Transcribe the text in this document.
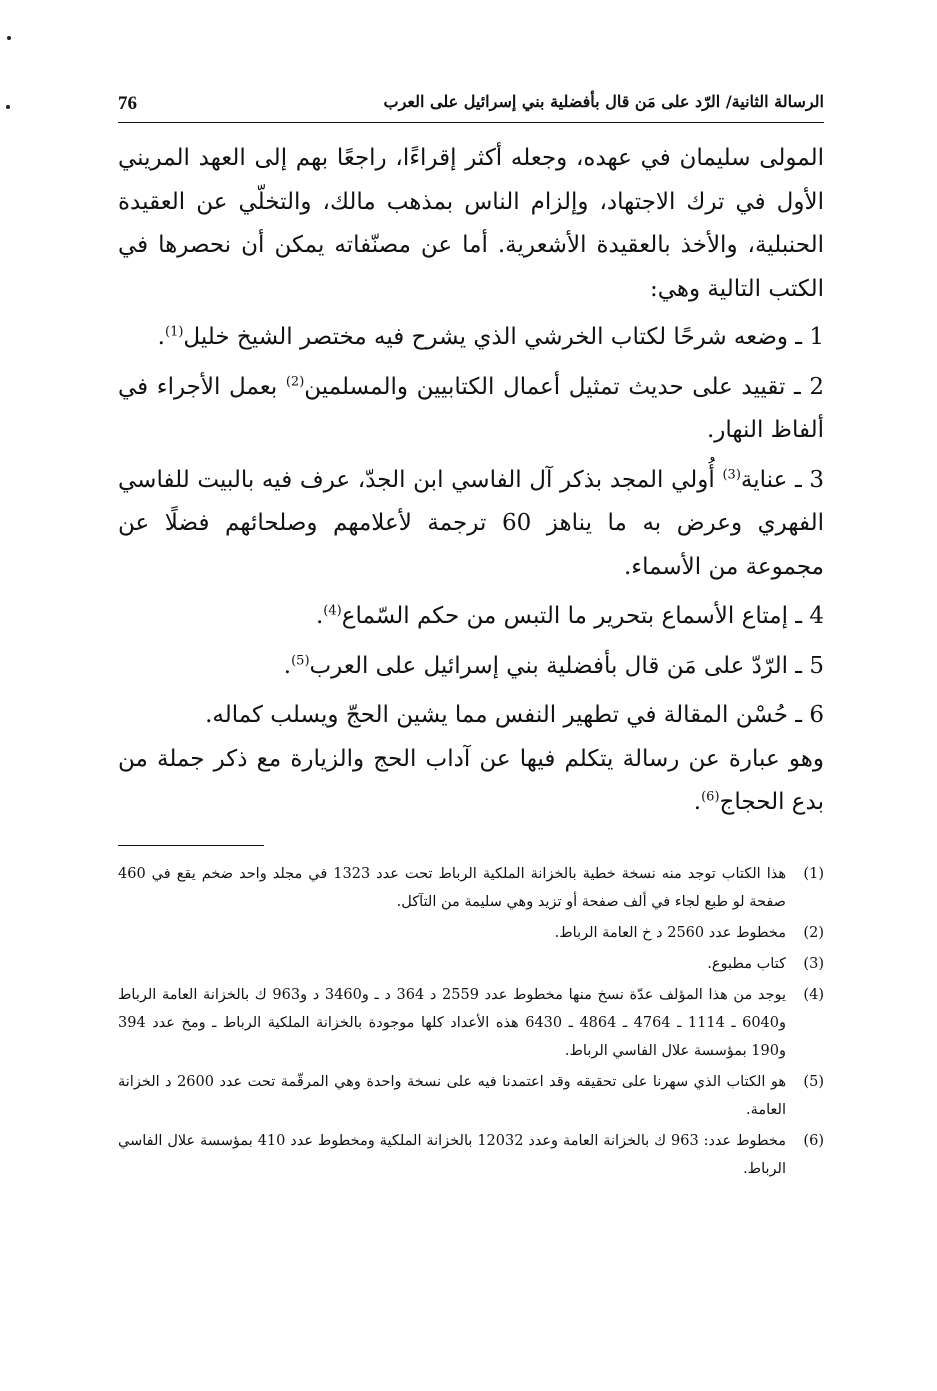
76	الرسالة الثانية/ الرّد على مَن قال بأفضلية بني إسرائيل على العرب

المولى سليمان في عهده، وجعله أكثر إقراءًا، راجعًا بهم إلى العهد المريني الأول في ترك الاجتهاد، وإلزام الناس بمذهب مالك، والتخلّي عن العقيدة الحنبلية، والأخذ بالعقيدة الأشعرية. أما عن مصنّفاته يمكن أن نحصرها في الكتب التالية وهي:

1 ـ وضعه شرحًا لكتاب الخرشي الذي يشرح فيه مختصر الشيخ خليل$^{(1)}$.

2 ـ تقييد على حديث تمثيل أعمال الكتابيين والمسلمين$^{(2)}$ بعمل الأجراء في ألفاظ النهار.

3 ـ عناية$^{(3)}$ أُولي المجد بذكر آل الفاسي ابن الجدّ، عرف فيه بالبيت للفاسي الفهري وعرض به ما يناهز 60 ترجمة لأعلامهم وصلحائهم فضلًا عن مجموعة من الأسماء.

4 ـ إمتاع الأسماع بتحرير ما التبس من حكم السّماع$^{(4)}$.

5 ـ الرّدّ على مَن قال بأفضلية بني إسرائيل على العرب$^{(5)}$.

6 ـ حُسْن المقالة في تطهير النفس مما يشين الحجّ ويسلب كماله.

وهو عبارة عن رسالة يتكلم فيها عن آداب الحج والزيارة مع ذكر جملة من بدع الحجاج$^{(6)}$.

(1)
هذا الكتاب توجد منه نسخة خطية بالخزانة الملكية الرباط تحت عدد 1323 في مجلد واحد ضخم يقع في 460 صفحة لو طبع لجاء في ألف صفحة أو تزيد وهي سليمة من التآكل.
(2)
مخطوط عدد 2560 د خ العامة الرباط.
(3)
كتاب مطبوع.
(4)
يوجد من هذا المؤلف عدّة نسخ منها مخطوط عدد 2559 د 364 د ـ و3460 د و963 ك بالخزانة العامة الرباط و6040 ـ 1114 ـ 4764 ـ 4864 ـ 6430 هذه الأعداد كلها موجودة بالخزانة الملكية الرباط ـ ومخ عدد 394 و190 بمؤسسة علال الفاسي الرباط.
(5)
هو الكتاب الذي سهرنا على تحقيقه وقد اعتمدنا فيه على نسخة واحدة وهي المرقّمة تحت عدد 2600 د الخزانة العامة.
(6)
مخطوط عدد: 963 ك بالخزانة العامة وعدد 12032 بالخزانة الملكية ومخطوط عدد 410 بمؤسسة علال الفاسي الرباط.
